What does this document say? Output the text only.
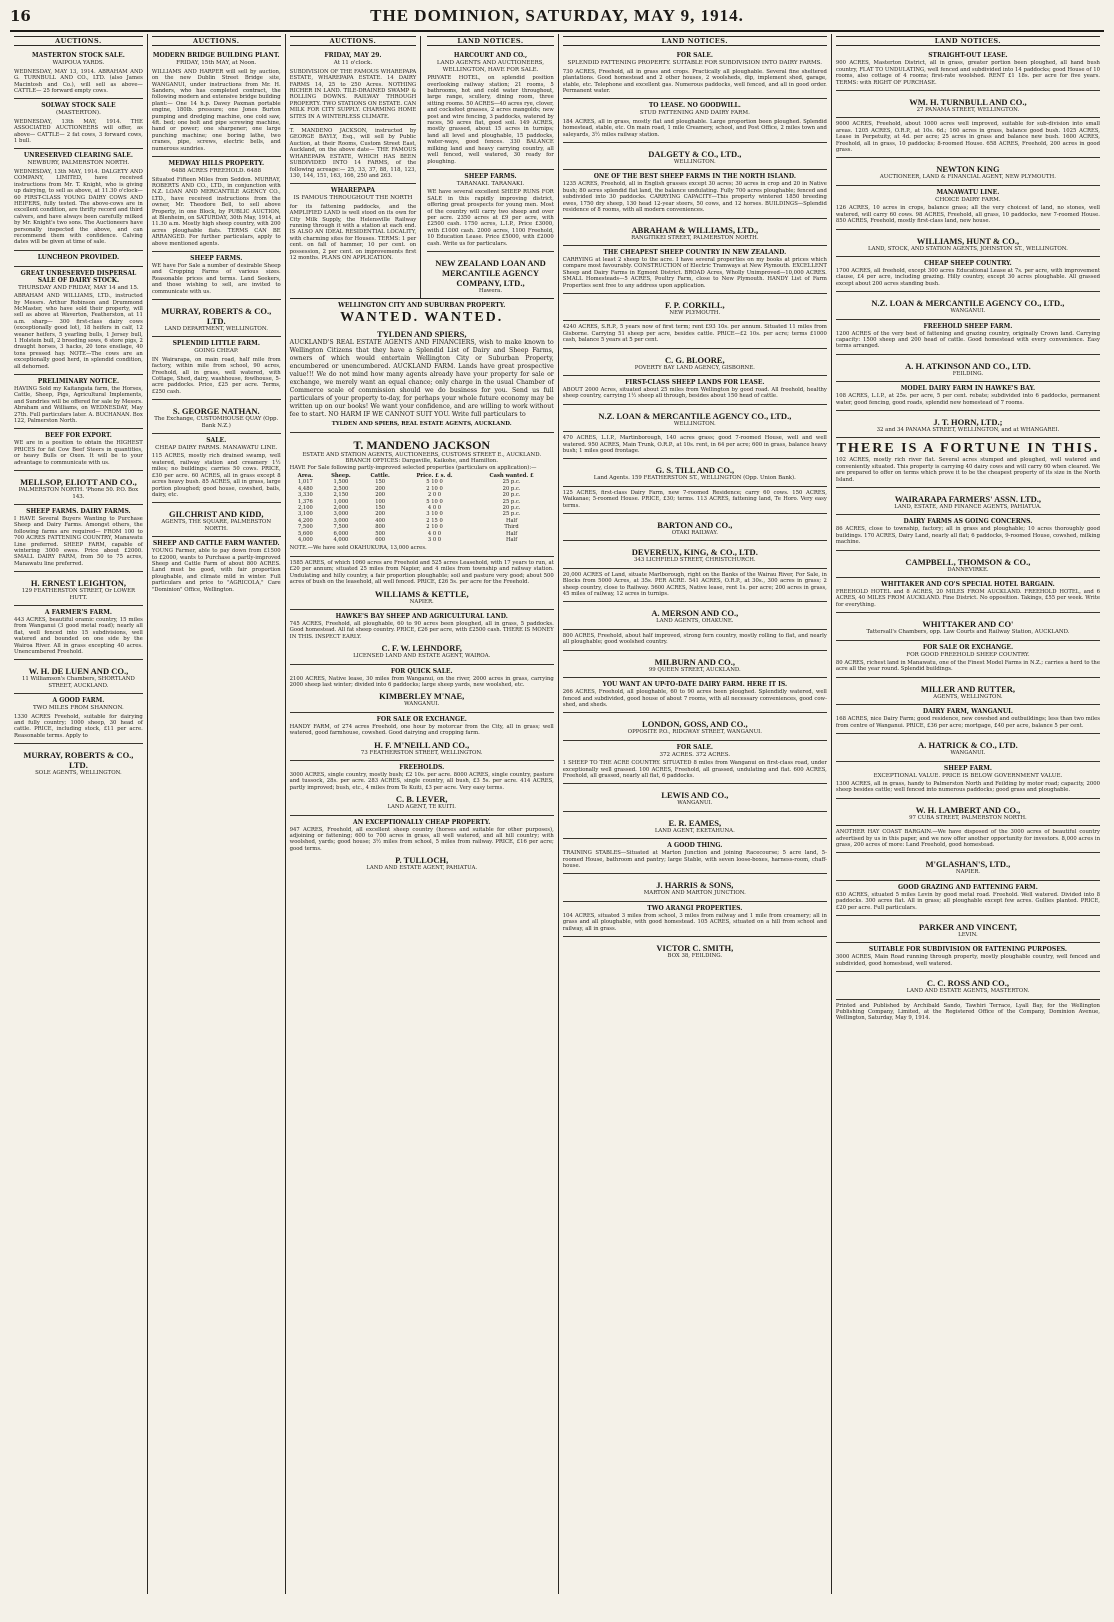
16	THE DOMINION, SATURDAY, MAY 9, 1914.
AUCTIONS.
MASTERTON STOCK SALE.
WAIPOUA YARDS.
WEDNESDAY, MAY 13, 1914. ABRAHAM AND G. TURNBULL AND CO., LTD. (also James Macintosh and Co.), will sell as above— CATTLE— 25 forward empty cows.
SOLWAY STOCK SALE
(MASTERTON).
WEDNESDAY, 13th MAY, 1914. THE ASSOCIATED AUCTIONEERS will offer, as above— CATTLE— 2 fat cows, 3 forward cows, 1 bull.
UNRESERVED CLEARING SALE.
NEWBURY, PALMERSTON NORTH.
WEDNESDAY, 13th MAY, 1914. DALGETY AND COMPANY, LIMITED, have received instructions from Mr. T. Knight, who is giving up dairying, to sell as above, at 11.30 o'clock— 60 FIRST-CLASS YOUNG DAIRY COWS AND HEIFERS, fully tested. The above-cows are in excellent condition, are thrifty record and third calvers, and have always been carefully milked by Mr. Knight's two sons. The Auctioneers have personally inspected the above, and can recommend them with confidence. Calving dates will be given at time of sale.
LUNCHEON PROVIDED.
GREAT UNRESERVED DISPERSAL SALE OF DAIRY STOCK.
THURSDAY AND FRIDAY, MAY 14 and 15.
ABRAHAM AND WILLIAMS, LTD., instructed by Messrs. Arthur Robinson and Drummond McMaster, who have sold their property, will sell as above at Waverton, Featherston, at 11 a.m. sharp— 300 first-class dairy cows (exceptionally good lot), 18 heifers in calf, 12 weaner heifers, 5 yearling bulls, 1 Jersey bull, 1 Holstein bull, 2 breeding sows, 6 store pigs, 2 draught horses, 3 hacks, 20 tons ensilage, 40 tons pressed hay. NOTE—The cows are an exceptionally good herd, in splendid condition, all dehorned.
PRELIMINARY NOTICE.
HAVING Sold my Kaitangata farm, the Horses, Cattle, Sheep, Pigs, Agricultural Implements, and Sundries will be offered for sale by Messrs. Abraham and Williams, on WEDNESDAY, May 27th. Full particulars later. A. BUCHANAN. Box 122, Palmerston North.
BEEF FOR EXPORT.
WE are in a position to obtain the HIGHEST PRICES for fat Cow Beef Steers in quantities, or heavy Bulls or Oxen. It will be to your advantage to communicate with us.
MELLSOP, ELIOTT AND CO.,
PALMERSTON NORTH. 'Phone 50. P.O. Box 143.
SHEEP FARMS. DAIRY FARMS.
I HAVE Several Buyers Wanting to Purchase Sheep and Dairy Farms. Amongst others, the following farms are required— FROM 100 to 700 ACRES FATTENING COUNTRY, Manawatu Line preferred. SHEEP FARM, capable of wintering 3000 ewes. Price about £2000. SMALL DAIRY FARM, from 50 to 75 acres, Manawatu line preferred.
H. ERNEST LEIGHTON,
129 FEATHERSTON STREET, Or LOWER HUTT.
A FARMER'S FARM.
443 ACRES, beautiful oramic country, 15 miles from Wanganui (3 good metal road); nearly all flat, well fenced into 15 subdivisions, well watered and bounded on one side by the Wairoa River. All in grass excepting 40 acres. Unencumbered Freehold.
W. H. DE LUEN AND CO.,
11 Williamson's Chambers, SHORTLAND STREET, AUCKLAND.
A GOOD FARM.
TWO MILES FROM SHANNON.
1330 ACRES Freehold, suitable for dairying and fully country; 1000 sheep, 30 head of cattle. PRICE, including stock, £11 per acre. Reasonable terms. Apply to
MURRAY, ROBERTS & CO., LTD.
SOLE AGENTS, WELLINGTON.
AUCTIONS.
MODERN BRIDGE BUILDING PLANT.
FRIDAY, 15th MAY, at Noon.
WILLIAMS AND HARPER will sell by auction, on the new Dublin Street Bridge site, WANGANUI, under instructions from Mr. H. Sanders, who has completed contract, the following modern and extensive bridge building plant:— One 14 h.p. Davey Paxman portable engine, 180lb. pressure; one Jones Burton pumping and dredging machine, one cold saw, 4ft. bed; one bolt and pipe screwing machine, hand or power; one sharpener; one large punching machine; one boring lathe, two cranes, pipe, screws, electric bells, and numerous sundries.
MEDWAY HILLS PROPERTY.
6488 ACRES FREEHOLD. 6488
Situated Fifteen Miles from Seddon. MURRAY, ROBERTS AND CO., LTD., in conjunction with N.Z. LOAN AND MERCANTILE AGENCY CO., LTD., have received instructions from the owner, Mr. Theodore Bell, to sell above Property, in one Block, by PUBLIC AUCTION, at Blenheim, on SATURDAY, 30th May, 1914, at 11.30 a.m. Mostly high sheep country, with 200 acres ploughable flats. TERMS CAN BE ARRANGED. For further particulars, apply to above mentioned agents.
SHEEP FARMS.
WE have For Sale a number of desirable Sheep and Cropping Farms of various sizes. Reasonable prices and terms. Land Seekers, and those wishing to sell, are invited to communicate with us.
MURRAY, ROBERTS & CO., LTD.
LAND DEPARTMENT, WELLINGTON.
SPLENDID LITTLE FARM.
GOING CHEAP.
IN Wairarapa, on main road, half mile from factory, within mile from school, 90 acres, Freehold, all in grass, well watered, with Cottage, Shed, dairy, washhouse, fowlhouse, 5-acre paddocks. Price, £25 per acre. Terms, £250 cash.
S. GEORGE NATHAN.
The Exchange, CUSTOMHOUSE QUAY (Opp. Bank N.Z.)
SALE.
CHEAP DAIRY FARMS. MANAWATU LINE.
115 ACRES, mostly rich drained swamp, well watered, railway station and creamery 1½ miles; no buildings; carries 50 cows. PRICE, £30 per acre. 60 ACRES, all in grass except 8 acres heavy bush. 85 ACRES, all in grass, large portion ploughed; good house, cowshed, bails, dairy, etc.
GILCHRIST AND KIDD,
AGENTS, THE SQUARE, PALMERSTON NORTH.
SHEEP AND CATTLE FARM WANTED.
YOUNG Farmer, able to pay down from £1500 to £2000, wants to Purchase a partly-improved Sheep and Cattle Farm of about 800 ACRES. Land must be good, with fair proportion ploughable, and climate mild in winter. Full particulars and price to "AGRICOLA," Care "Dominion" Office, Wellington.
AUCTIONS.
FRIDAY, MAY 29.
At 11 o'clock.
SUBDIVISION OF THE FAMOUS WHAREPAPA ESTATE, WHAREPAPA ESTATE. 14 DAIRY FARMS 14, 25 to 250 Acres. NOTHING RICHER IN LAND. TILE-DRAINED SWAMP & ROLLING DOWNS. RAILWAY THROUGH PROPERTY. TWO STATIONS ON ESTATE. CAN MILK FOR CITY SUPPLY. CHARMING HOME SITES IN A WINTERLESS CLIMATE.
T. MANDENO JACKSON, instructed by GEORGE BAYLY, Esq., will sell by Public Auction, at their Rooms, Custom Street East, Auckland, on the above date— THE FAMOUS WHAREPAPA ESTATE, WHICH HAS BEEN SUBDIVIDED INTO 14 FARMS, of the following acreage:— 25, 33, 37, 88, 118, 123, 130, 144, 151, 163, 166, 250 and 263.
WHAREPAPA
IS FAMOUS THROUGHOUT THE NORTH
for its fattening paddocks, and the AMPLIFIED LAND is well stood on its own for City Milk Supply, the Helensville Railway running through it with a station at each end. IS ALSO AN IDEAL RESIDENTIAL LOCALITY, with charming sites for Houses. TERMS: 1 per cent. on fall of hammer, 10 per cent. on possession, 2 per cent. on improvements first 12 months. PLANS ON APPLICATION.
LAND NOTICES.
HARCOURT AND CO.,
LAND AGENTS AND AUCTIONEERS, WELLINGTON, HAVE FOR SALE.
PRIVATE HOTEL, on splendid position overlooking railway station; 21 rooms, 5 bathrooms, hot and cold water throughout, large range, scullery, dining room, three sitting rooms. 50 ACRES—40 acres rye, clover, and cocksfoot grasses, 2 acres mangolds; new post and wire fencing, 3 paddocks, watered by races, 50 acres flat, good soil. 149 ACRES, mostly grassed, about 15 acres in turnips; land all level and ploughable, 15 paddocks, water-ways, good fences. 330 BALANCE milking land and heavy carrying country, all well fenced, well watered, 30 ready for ploughing.
SHEEP FARMS.
TARANAKI. TARANAKI.
WE have several excellent SHEEP RUNS FOR SALE in this rapidly improving district, offering great prospects for young men. Most of the country will carry two sheep and over per acre. 2350 acres at £9 per acre, with £2500 cash. 1750 acres, L.I.P., Price £3000, with £1000 cash. 2000 acres, 1100 Freehold, 10 Education Lease. Price £5000, with £2000 cash. Write us for particulars.
NEW ZEALAND LOAN AND MERCANTILE AGENCY COMPANY, LTD.,
Hawera.
WELLINGTON CITY AND SUBURBAN PROPERTY.
WANTED. WANTED.
TYLDEN AND SPIERS,
AUCKLAND'S REAL ESTATE AGENTS AND FINANCIERS, wish to make known to Wellington Citizens that they have a Splendid List of Dairy and Sheep Farms, owners of which would entertain Wellington City or Suburban Property, encumbered or unencumbered. AUCKLAND FARM. Lands have great prospective value!!! We do not mind how many agents already have your property for sale or exchange, we merely want an equal chance; only charge in the usual Chamber of Commerce scale of commission should we do business for you. Send us full particulars of your property to-day, for perhaps your whole future economy may be written up on our books! We want your confidence, and are willing to work without fee to start. NO HARM IF WE CANNOT SUIT YOU. Write full particulars to
TYLDEN AND SPIERS, REAL ESTATE AGENTS, AUCKLAND.
T. MANDENO JACKSON
ESTATE AND STATION AGENTS, AUCTIONEERS, CUSTOMS STREET E., AUCKLAND.
BRANCH OFFICES: Dargaville, Kaikohe, and Hamilton.
HAVE For Sale following partly-improved selected properties (particulars on application):—
Area.	Sheep.	Cattle.	Price. £ s. d.	Cash wanted. £
1,017	1,500	150	5 10 0	25 p.c.
4,480	2,500	200	2 10 0	20 p.c.
3,330	2,150	200	2 0 0	20 p.c.
1,376	1,000	100	5 10 0	25 p.c.
2,100	2,000	150	4 0 0	20 p.c.
3,100	3,000	200	3 10 0	25 p.c.
4,200	3,000	400	2 15 0	Half
7,500	7,500	800	2 10 0	Third
5,600	6,000	500	4 0 0	Half
4,000	4,000	600	3 0 0	Half
NOTE.—We have sold OKAHUKURA, 13,000 acres.
1585 ACRES, of which 1060 acres are Freehold and 525 acres Leasehold, with 17 years to run, at £20 per annum; situated 25 miles from Napier, and 4 miles from township and railway station. Undulating and hilly country, a fair proportion ploughable; soil and pasture very good; about 500 acres of bush on the leasehold, all well fenced. PRICE, £26 5s. per acre for the Freehold.
WILLIAMS & KETTLE,
NAPIER.
HAWKE'S BAY SHEEP AND AGRICULTURAL LAND.
745 ACRES, Freehold, all ploughable, 60 to 90 acres been ploughed, all in grass, 5 paddocks. Good homestead. All fat sheep country. PRICE, £26 per acre, with £2500 cash. THERE IS MONEY IN THIS. INSPECT EARLY.
C. F. W. LEHNDORF,
LICENSED LAND AND ESTATE AGENT, WAIROA.
FOR QUICK SALE.
2100 ACRES, Native lease, 30 miles from Wanganui, on the river, 2000 acres in grass, carrying 2000 sheep last winter; divided into 6 paddocks; large sheep yards, new woolshed, etc.
KIMBERLEY M'NAE,
WANGANUI.
FOR SALE OR EXCHANGE.
HANDY FARM, of 274 acres Freehold, one hour by motorcar from the City, all in grass; well watered, good farmhouse, cowshed. Good dairying and cropping farm.
H. F. M'NEILL AND CO.,
73 FEATHERSTON STREET, WELLINGTON.
FREEHOLDS.
3000 ACRES, single country, mostly bush; £2 10s. per acre. 8000 ACRES, single country, pasture and tussock, 28s. per acre. 283 ACRES, single country, all bush, £3 5s. per acre. 414 ACRES, partly improved; bush, etc., 4 miles from Te Kuiti, £3 per acre. Very easy terms.
C. B. LEVER,
LAND AGENT, TE KUITI.
AN EXCEPTIONALLY CHEAP PROPERTY.
947 ACRES, Freehold, all excellent sheep country (horses and suitable for other purposes), adjoining or fattening; 600 to 700 acres in grass, all well watered, and all hill country; with woolshed, yards; good house; 3½ miles from school, 5 miles from railway. PRICE, £16 per acre; good terms.
P. TULLOCH,
LAND AND ESTATE AGENT, PAHIATUA.
LAND NOTICES.
FOR SALE.
SPLENDID FATTENING PROPERTY. SUITABLE FOR SUBDIVISION INTO DAIRY FARMS.
730 ACRES, Freehold, all in grass and crops. Practically all ploughable. Several fine sheltered plantations. Good homestead and 2 other houses, 2 woolsheds, dip, implement shed, garage, stable, etc. Telephone and excellent gas. Numerous paddocks, well fenced, and all in good order. Permanent water.
TO LEASE. NO GOODWILL.
STUD FATTENING AND DAIRY FARM.
184 ACRES, all in grass, mostly flat and ploughable. Large proportion been ploughed. Splendid homestead, stable, etc. On main road, 1 mile Creamery, school, and Post Office, 2 miles town and saleyards, 3½ miles railway station.
DALGETY & CO., LTD.,
WELLINGTON.
ONE OF THE BEST SHEEP FARMS IN THE NORTH ISLAND.
1235 ACRES, Freehold, all in English grasses except 30 acres; 30 acres in crop and 20 in Native bush; 80 acres splendid flat land, the balance undulating. Fully 700 acres ploughable; fenced and subdivided into 30 paddocks. CARRYING CAPACITY—This property wintered 1850 breeding ewes, 1750 dry sheep, 130 head 12-year steers, 50 cows, and 12 horses. BUILDINGS—Splendid residence of 8 rooms, with all modern conveniences.
ABRAHAM & WILLIAMS, LTD.,
RANGITIKEI STREET, PALMERSTON NORTH.
THE CHEAPEST SHEEP COUNTRY IN NEW ZEALAND.
CARRYING at least 2 sheep to the acre. I have several properties on my books at prices which compare most favourably. CONSTRUCTION of Electric Tramways at New Plymouth. EXCELLENT Sheep and Dairy Farms in Egmont District. BROAD Acres, Wholly Unimproved—10,000 ACRES. SMALL Homesteads—5 ACRES, Poultry Farm, close to New Plymouth. HANDY List of Farm Properties sent free to any address upon application.
F. P. CORKILL,
NEW PLYMOUTH.
4240 ACRES, S.R.P., 5 years now of first term; rent £93 10s. per annum. Situated 11 miles from Gisborne. Carrying 51 sheep per acre, besides cattle. PRICE—£2 10s. per acre; terms £1000 cash, balance 5 years at 5 per cent.
C. G. BLOORE,
POVERTY BAY LAND AGENCY, GISBORNE.
FIRST-CLASS SHEEP LANDS FOR LEASE.
ABOUT 2000 Acres, situated about 25 miles from Wellington by good road. All freehold, healthy sheep country, carrying 1½ sheep all through, besides about 150 head of cattle.
N.Z. LOAN & MERCANTILE AGENCY CO., LTD.,
WELLINGTON.
470 ACRES, L.I.P., Martinborough, 140 acres grass; good 7-roomed House, well and well watered. 950 ACRES, Main Trunk, O.R.P., at 10s. rent, in 64 per acre; 600 in grass, balance heavy bush; 1 miles good frontage.
G. S. TILL AND CO.,
Land Agents. 159 FEATHERSTON ST., WELLINGTON (Opp. Union Bank).
125 ACRES, first-class Dairy Farm, new 7-roomed Residence; carry 60 cows. 150 ACRES, Waikanae; 5-roomed House. PRICE, £30; terms. 113 ACRES, fattening land, Te Horo. Very easy terms.
BARTON AND CO.,
OTAKI RAILWAY.
DEVEREUX, KING, & CO., LTD.
343 LICHFIELD STREET, CHRISTCHURCH.
20,000 ACRES of Land, situate Marlborough, right on the Banks of the Wairau River, For Sale, in Blocks from 5000 Acres, at 35s. PER ACRE. 541 ACRES, O.R.P., at 30s., 300 acres in grass; 2 sheep country, close to Railway. 5600 ACRES, Native lease, rent 1s. per acre; 200 acres in grass, 45 miles of railway, 12 acres in turnips.
A. MERSON AND CO.,
LAND AGENTS, OHAKUNE.
800 ACRES, Freehold, about half improved, strong fern country, mostly rolling to flat, and nearly all ploughable; good woolshed country.
MILBURN AND CO.,
99 QUEEN STREET, AUCKLAND.
YOU WANT AN UP-TO-DATE DAIRY FARM. HERE IT IS.
266 ACRES, Freehold, all ploughable, 60 to 90 acres been ploughed. Splendidly watered, well fenced and subdivided, good house of about 7 rooms, with all necessary conveniences, good cow-shed, and sheds.
LONDON, GOSS, AND CO.,
OPPOSITE P.O., RIDGWAY STREET, WANGANUI.
FOR SALE.
372 ACRES. 372 ACRES.
1 SHEEP TO THE ACRE COUNTRY. SITUATED 8 miles from Wanganui on first-class road, under exceptionally well grassed. 100 ACRES, Freehold, all grassed, undulating and flat. 600 ACRES, Freehold, all grassed, nearly all flat, 6 paddocks.
LEWIS AND CO.,
WANGANUI.
E. R. EAMES,
LAND AGENT, EKETAHUNA.
A GOOD THING.
TRAINING STABLES—Situated at Marton Junction and joining Racecourse; 5 acre land, 5-roomed House, bathroom and pantry; large Stable, with seven loose-boxes, harness-room, chaff-house.
J. HARRIS & SONS,
MARTON AND MARTON JUNCTION.
TWO ARANGI PROPERTIES.
104 ACRES, situated 3 miles from school, 3 miles from railway and 1 mile from creamery; all in grass and all ploughable, with good homestead. 105 ACRES, situated on a hill from school and railway, all in grass.
VICTOR C. SMITH,
BOX 38, FEILDING.
LAND NOTICES.
STRAIGHT-OUT LEASE.
900 ACRES, Masterton District, all in grass, greater portion been ploughed, all hand bush country, FLAT TO UNDULATING, well fenced and subdivided into 14 paddocks; good House of 10 rooms, also cottage of 4 rooms; first-rate woolshed. RENT £1 18s. per acre for five years. TERMS: with RIGHT OF PURCHASE.
WM. H. TURNBULL AND CO.,
27 PANAMA STREET, WELLINGTON.
9000 ACRES, Freehold, about 1000 acres well improved, suitable for sub-division into small areas. 1205 ACRES, O.R.P., at 10s. 6d.; 160 acres in grass, balance good bush. 1025 ACRES, Lease in Perpetuity, at 4d. per acre; 25 acres in grass and balance new bush. 1600 ACRES, Freehold, all in grass, 10 paddocks; 8-roomed House. 658 ACRES, Freehold, 200 acres in good grass.
NEWTON KING
AUCTIONEER, LAND & FINANCIAL AGENT, NEW PLYMOUTH.
MANAWATU LINE.
CHOICE DAIRY FARM.
126 ACRES, 10 acres in crops, balance grass; all the very choicest of land, no stones, well watered, will carry 60 cows. 98 ACRES, Freehold, all grass, 10 paddocks, new 7-roomed House. 850 ACRES, Freehold, mostly first-class land, new house.
WILLIAMS, HUNT & CO.,
LAND, STOCK, AND STATION AGENTS, JOHNSTON ST., WELLINGTON.
CHEAP SHEEP COUNTRY.
1700 ACRES, all freehold, except 300 acres Educational Lease at 7s. per acre, with improvement clause, £4 per acre, including grazing. Hilly country, except 30 acres ploughable. All grassed except about 200 acres standing bush.
N.Z. LOAN & MERCANTILE AGENCY CO., LTD.,
WANGANUI.
FREEHOLD SHEEP FARM.
1200 ACRES of the very best of fattening and grazing country, originally Crown land. Carrying capacity: 1500 sheep and 200 head of cattle. Good homestead with every convenience. Easy terms arranged.
A. H. ATKINSON AND CO., LTD.
FEILDING.
MODEL DAIRY FARM IN HAWKE'S BAY.
108 ACRES, L.I.P., at 25s. per acre, 5 per cent. rebate; subdivided into 6 paddocks, permanent water, good fencing, good roads, splendid new homestead of 7 rooms.
J. T. HORN, LTD.;
32 and 34 PANAMA STREET, WELLINGTON, and at WHANGAREI.
THERE IS A FORTUNE IN THIS.
102 ACRES, mostly rich river flat. Several acres stumped and ploughed, well watered and conveniently situated. This property is carrying 40 dairy cows and will carry 60 when cleared. We are prepared to offer on terms which prove it to be the cheapest property of its size in the North Island.
WAIRARAPA FARMERS' ASSN. LTD.,
LAND, ESTATE, AND FINANCE AGENTS, PAHIATUA.
DAIRY FARMS AS GOING CONCERNS.
86 ACRES, close to township, factory; all in grass and ploughable; 10 acres thoroughly good buildings. 170 ACRES, Dairy Land, nearly all flat; 6 paddocks, 9-roomed House, cowshed, milking machine.
CAMPBELL, THOMSON & CO.,
DANNEVIRKE.
WHITTAKER AND CO'S SPECIAL HOTEL BARGAIN.
FREEHOLD HOTEL and 8 ACRES, 20 MILES FROM AUCKLAND. FREEHOLD HOTEL, and 6 ACRES, 40 MILES FROM AUCKLAND. Fine District. No opposition. Takings, £55 per week. Write for everything.
WHITTAKER AND CO'
Tattersall's Chambers, opp. Law Courts and Railway Station, AUCKLAND.
FOR SALE OR EXCHANGE.
FOR GOOD FREEHOLD SHEEP COUNTRY.
80 ACRES, richest land in Manawatu, one of the Finest Model Farms in N.Z.; carries a herd to the acre all the year round. Splendid buildings.
MILLER AND RUTTER,
AGENTS, WELLINGTON.
DAIRY FARM, WANGANUI.
168 ACRES, nice Dairy Farm; good residence, new cowshed and outbuildings; less than two miles from centre of Wanganui. PRICE, £36 per acre; mortgage, £40 per acre, balance 5 per cent.
A. HATRICK & CO., LTD.
WANGANUI.
SHEEP FARM.
EXCEPTIONAL VALUE. PRICE IS BELOW GOVERNMENT VALUE.
1300 ACRES, all in grass, handy to Palmerston North and Feilding by motor road; capacity, 2000 sheep besides cattle; well fenced into numerous paddocks; good grass and ploughable.
W. H. LAMBERT AND CO.,
97 CUBA STREET, PALMERSTON NORTH.
ANOTHER HAY COAST BARGAIN.—We have disposed of the 3000 acres of beautiful country advertised by us in this paper, and we now offer another opportunity for investors. 8,000 acres in grass, 200 acres of more: Land Freehold, good homestead.
M'GLASHAN'S, LTD.,
NAPIER.
GOOD GRAZING AND FATTENING FARM.
630 ACRES, situated 5 miles Levin by good metal road. Freehold. Well watered. Divided into 8 paddocks. 300 acres flat. All in grass; all ploughable except few acres. Gullies planted. PRICE, £20 per acre. Full particulars.
PARKER AND VINCENT,
LEVIN.
SUITABLE FOR SUBDIVISION OR FATTENING PURPOSES.
3000 ACRES, Main Road running through property, mostly ploughable country, well fenced and subdivided, good homestead, well watered.
C. C. ROSS AND CO.,
LAND AND ESTATE AGENTS, MASTERTON.
Printed and Published by Archibald Sando, Tawhiri Terrace, Lyall Bay, for the Wellington Publishing Company, Limited, at the Registered Office of the Company, Dominion Avenue, Wellington, Saturday, May 9, 1914.
